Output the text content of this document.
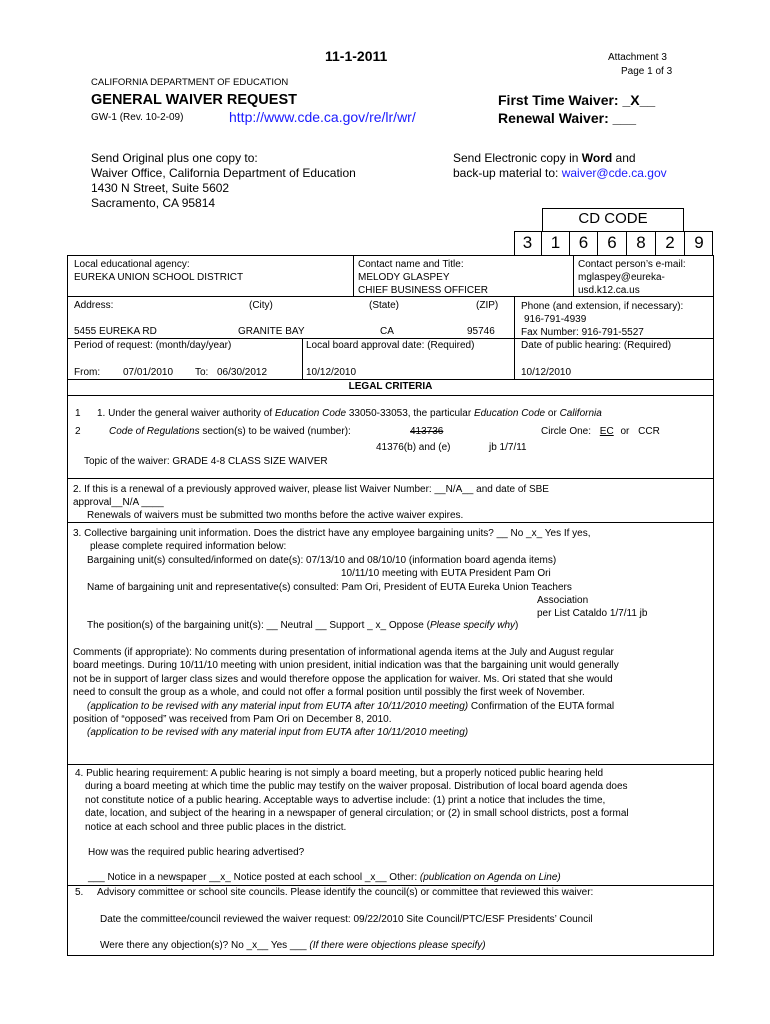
11-1-2011	Attachment 3
Page 1 of 3
CALIFORNIA DEPARTMENT OF EDUCATION
GENERAL WAIVER REQUEST
GW-1 (Rev. 10-2-09)	http://www.cde.ca.gov/re/lr/wr/
First Time Waiver: _X__
Renewal Waiver: ___
Send Original plus one copy to:
Waiver Office, California Department of Education
1430 N Street, Suite 5602
Sacramento, CA 95814
Send Electronic copy in Word and
back-up material to: waiver@cde.ca.gov
CD CODE
3	1	6	6	8	2	9
Local educational agency:
EUREKA UNION SCHOOL DISTRICT
Contact name and Title:
MELODY GLASPEY
CHIEF BUSINESS OFFICER
Contact person’s e-mail:
mglaspey@eureka-
usd.k12.ca.us
Address:	(City)	(State)	(ZIP)
5455 EUREKA RD	GRANITE BAY	CA	95746
Phone (and extension, if necessary):
916-791-4939
Fax Number: 916-791-5527
Period of request: (month/day/year)
From: 07/01/2010 To: 06/30/2012
Local board approval date: (Required)
10/12/2010
Date of public hearing: (Required)
10/12/2010
LEGAL CRITERIA
1
2
1. Under the general waiver authority of Education Code 33050-33053, the particular Education Code or California
Code of Regulations section(s) to be waived (number):	413736	Circle One: EC or CCR
41376(b) and (e)	jb 1/7/11
Topic of the waiver: GRADE 4-8 CLASS SIZE WAIVER
2. If this is a renewal of a previously approved waiver, please list Waiver Number: __N/A__ and date of SBE
approval__N/A ____
Renewals of waivers must be submitted two months before the active waiver expires.
3. Collective bargaining unit information. Does the district have any employee bargaining units? __ No _x_ Yes If yes,
please complete required information below:
Bargaining unit(s) consulted/informed on date(s): 07/13/10 and 08/10/10 (information board agenda items)
10/11/10 meeting with EUTA President Pam Ori
Name of bargaining unit and representative(s) consulted: Pam Ori, President of EUTA Eureka Union Teachers
Association
per List Cataldo 1/7/11 jb
The position(s) of the bargaining unit(s): __ Neutral __ Support _ x_ Oppose (Please specify why)
Comments (if appropriate): No comments during presentation of informational agenda items at the July and August regular
board meetings. During 10/11/10 meeting with union president, initial indication was that the bargaining unit would generally
not be in support of larger class sizes and would therefore oppose the application for waiver. Ms. Ori stated that she would
need to consult the group as a whole, and could not offer a formal position until possibly the first week of November.
(application to be revised with any material input from EUTA after 10/11/2010 meeting) Confirmation of the EUTA formal
position of “opposed” was received from Pam Ori on December 8, 2010.
(application to be revised with any material input from EUTA after 10/11/2010 meeting)
4. Public hearing requirement: A public hearing is not simply a board meeting, but a properly noticed public hearing held
during a board meeting at which time the public may testify on the waiver proposal. Distribution of local board agenda does
not constitute notice of a public hearing. Acceptable ways to advertise include: (1) print a notice that includes the time,
date, location, and subject of the hearing in a newspaper of general circulation; or (2) in small school districts, post a formal
notice at each school and three public places in the district.
How was the required public hearing advertised?
___ Notice in a newspaper __x_ Notice posted at each school _x__ Other: (publication on Agenda on Line)
5. Advisory committee or school site councils. Please identify the council(s) or committee that reviewed this waiver:
Date the committee/council reviewed the waiver request: 09/22/2010 Site Council/PTC/ESF Presidents’ Council
Were there any objection(s)? No _x__ Yes ___ (If there were objections please specify)
